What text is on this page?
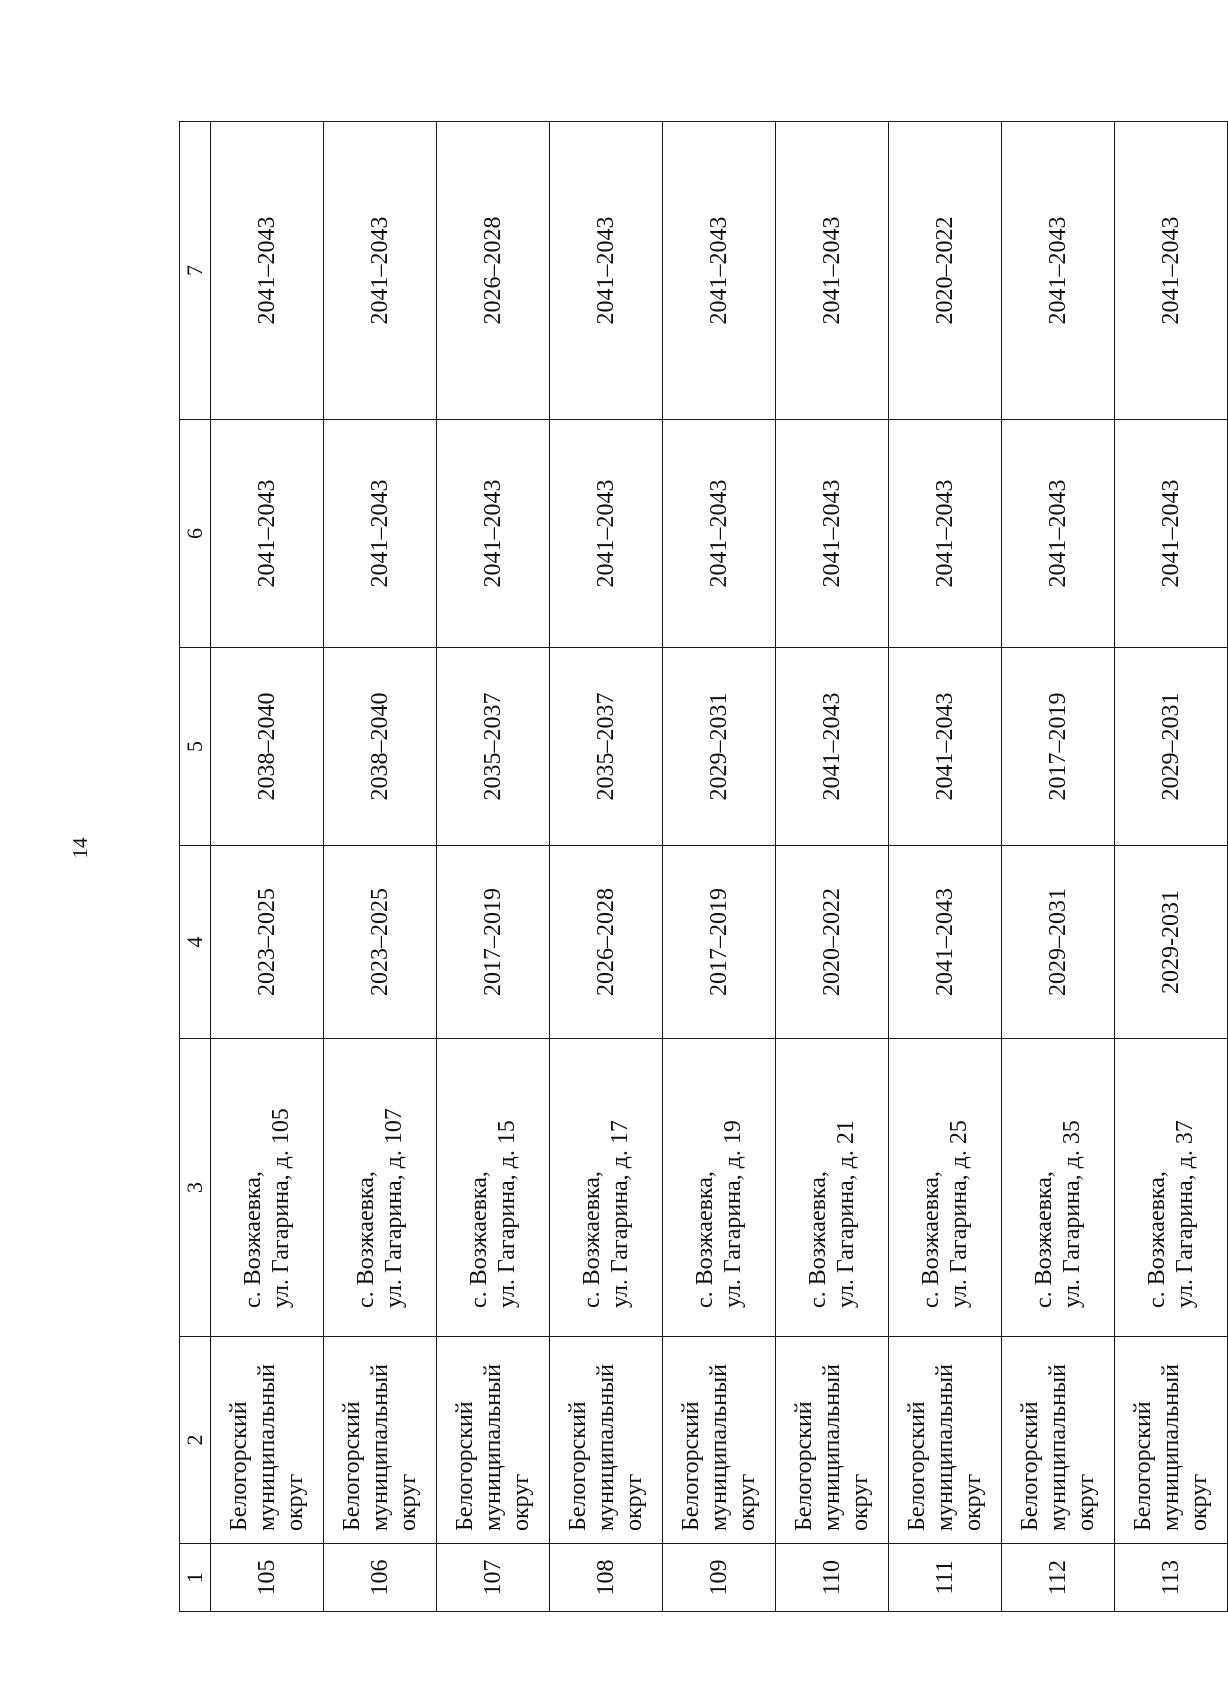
14
1	2	3	4	5	6	7
105	Белогорский муниципальный округ	с. Возжаевка, ул. Гагарина, д. 105	2023–2025	2038–2040	2041–2043	2041–2043
106	Белогорский муниципальный округ	с. Возжаевка, ул. Гагарина, д. 107	2023–2025	2038–2040	2041–2043	2041–2043
107	Белогорский муниципальный округ	с. Возжаевка, ул. Гагарина, д. 15	2017–2019	2035–2037	2041–2043	2026–2028
108	Белогорский муниципальный округ	с. Возжаевка, ул. Гагарина, д. 17	2026–2028	2035–2037	2041–2043	2041–2043
109	Белогорский муниципальный округ	с. Возжаевка, ул. Гагарина, д. 19	2017–2019	2029–2031	2041–2043	2041–2043
110	Белогорский муниципальный округ	с. Возжаевка, ул. Гагарина, д. 21	2020–2022	2041–2043	2041–2043	2041–2043
111	Белогорский муниципальный округ	с. Возжаевка, ул. Гагарина, д. 25	2041–2043	2041–2043	2041–2043	2020–2022
112	Белогорский муниципальный округ	с. Возжаевка, ул. Гагарина, д. 35	2029–2031	2017–2019	2041–2043	2041–2043
113	Белогорский муниципальный округ	с. Возжаевка, ул. Гагарина, д. 37	2029-2031	2029–2031	2041–2043	2041–2043
